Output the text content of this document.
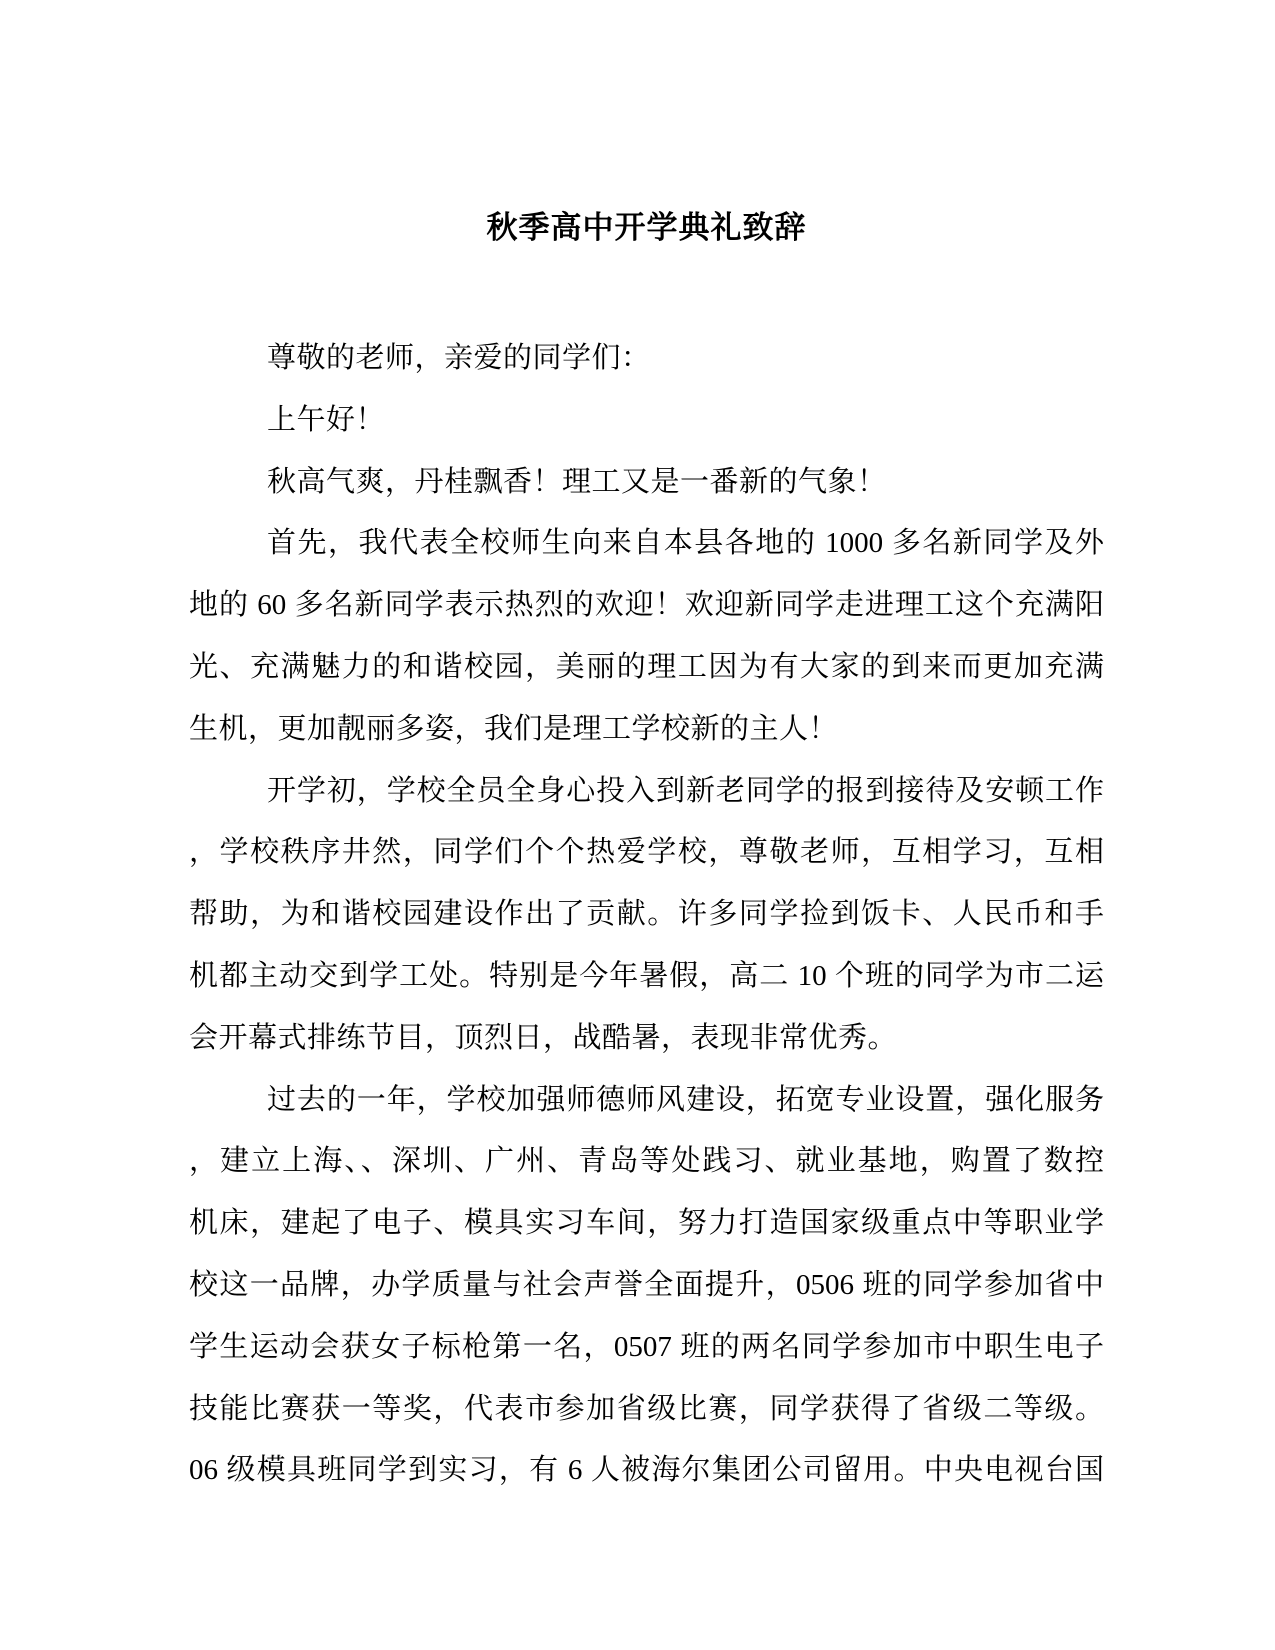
秋季高中开学典礼致辞
尊敬的老师，亲爱的同学们：
上午好！
秋高气爽，丹桂飘香！理工又是一番新的气象！
首先，我代表全校师生向来自本县各地的 1000 多名新同学及外
地的 60 多名新同学表示热烈的欢迎！欢迎新同学走进理工这个充满阳
光、充满魅力的和谐校园，美丽的理工因为有大家的到来而更加充满
生机，更加靓丽多姿，我们是理工学校新的主人！
开学初，学校全员全身心投入到新老同学的报到接待及安顿工作
，学校秩序井然，同学们个个热爱学校，尊敬老师，互相学习，互相
帮助，为和谐校园建设作出了贡献。许多同学捡到饭卡、人民币和手
机都主动交到学工处。特别是今年暑假，高二 10 个班的同学为市二运
会开幕式排练节目，顶烈日，战酷暑，表现非常优秀。
过去的一年，学校加强师德师风建设，拓宽专业设置，强化服务
，建立上海、、深圳、广州、青岛等处践习、就业基地，购置了数控
机床，建起了电子、模具实习车间，努力打造国家级重点中等职业学
校这一品牌，办学质量与社会声誉全面提升，0506 班的同学参加省中
学生运动会获女子标枪第一名，0507 班的两名同学参加市中职生电子
技能比赛获一等奖，代表市参加省级比赛，同学获得了省级二等级。
06 级模具班同学到实习，有 6 人被海尔集团公司留用。中央电视台国
